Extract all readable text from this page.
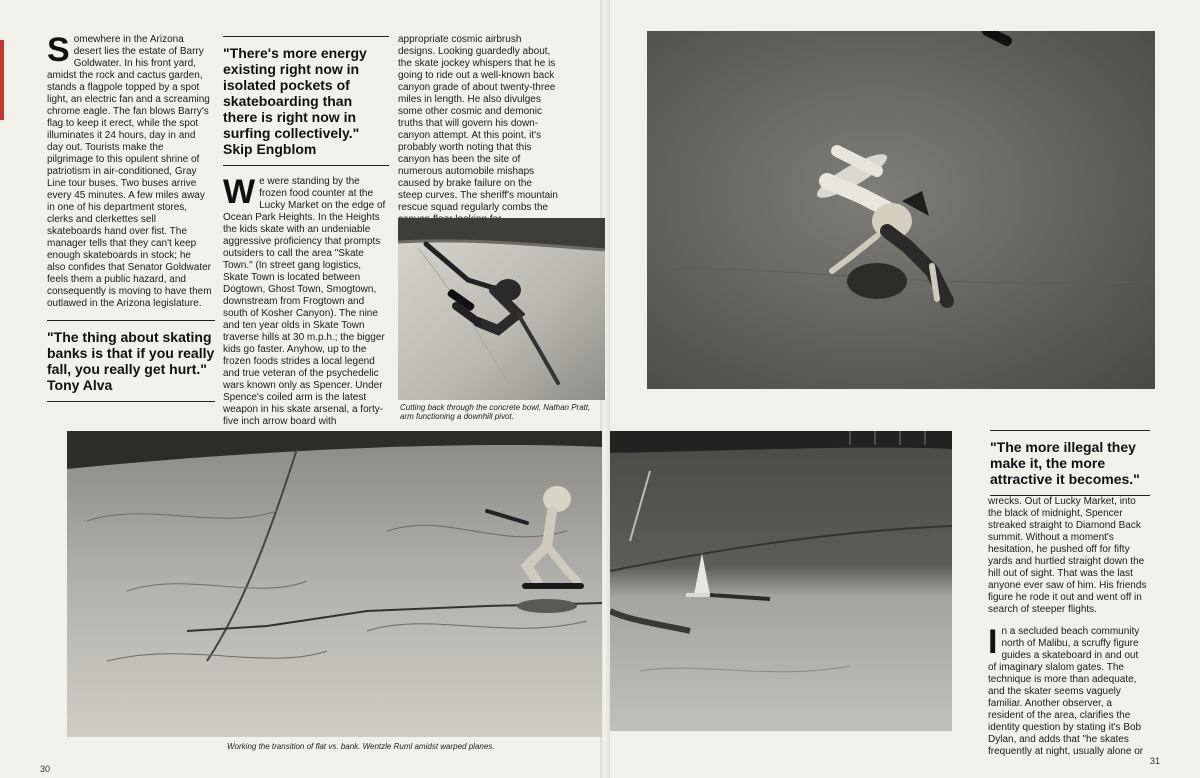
S omewhere in the Arizona desert lies the estate of Barry Goldwater. In his front yard, amidst the rock and cactus garden, stands a flagpole topped by a spot light, an electric fan and a screaming chrome eagle. The fan blows Barry's flag to keep it erect, while the spot illuminates it 24 hours, day in and day out. Tourists make the pilgrimage to this opulent shrine of patriotism in air-conditioned, Gray Line tour buses. Two buses arrive every 45 minutes. A few miles away in one of his department stores, clerks and clerkettes sell skateboards hand over fist. The manager tells that they can't keep enough skateboards in stock; he also confides that Senator Goldwater feels them a public hazard, and consequently is moving to have them outlawed in the Arizona legislature.

"The thing about skating banks is that if you really fall, you really get hurt."
Tony Alva
"There's more energy existing right now in isolated pockets of skateboarding than there is right now in surfing collectively."
Skip Engblom
W e were standing by the frozen food counter at the Lucky Market on the edge of Ocean Park Heights. In the Heights the kids skate with an undeniable aggressive proficiency that prompts outsiders to call the area "Skate Town." (In street gang logistics, Skate Town is located between Dogtown, Ghost Town, Smogtown, downstream from Frogtown and south of Kosher Canyon). The nine and ten year olds in Skate Town traverse hills at 30 m.p.h.; the bigger kids go faster. Anyhow, up to the frozen foods strides a local legend and true veteran of the psychedelic wars known only as Spencer. Under Spence's coiled arm is the latest weapon in his skate arsenal, a forty-five inch arrow board with

appropriate cosmic airbrush designs. Looking guardedly about, the skate jockey whispers that he is going to ride out a well-known back canyon grade of about twenty-three miles in length. He also divulges some other cosmic and demonic truths that will govern his down-canyon attempt. At this point, it's probably worth noting that this canyon has been the site of numerous automobile mishaps caused by brake failure on the steep curves. The sheriff's mountain rescue squad regularly combs the

Cutting back through the concrete bowl, Nathan Pratt, arm functioning a downhill pivot.
Working the transition of flat vs. bank. Wentzle Ruml amidst warped planes.
"The more illegal they make it, the more attractive it becomes."

wrecks. Out of Lucky Market, into the black of midnight, Spencer streaked straight to Diamond Back summit. Without a moment's hesitation, he pushed off for fifty yards and hurtled straight down the hill out of sight. That was the last anyone ever saw of him. His friends figure he rode it out and went off in search of steeper flights.

I n a secluded beach community north of Malibu, a scruffy figure guides a skateboard in and out of imaginary slalom gates. The technique is more than adequate, and the skater seems vaguely familiar. Another observer, a resident of the area, clarifies the identity question by stating it's Bob Dylan, and adds that "he skates frequently at night, usually alone or

30
31
